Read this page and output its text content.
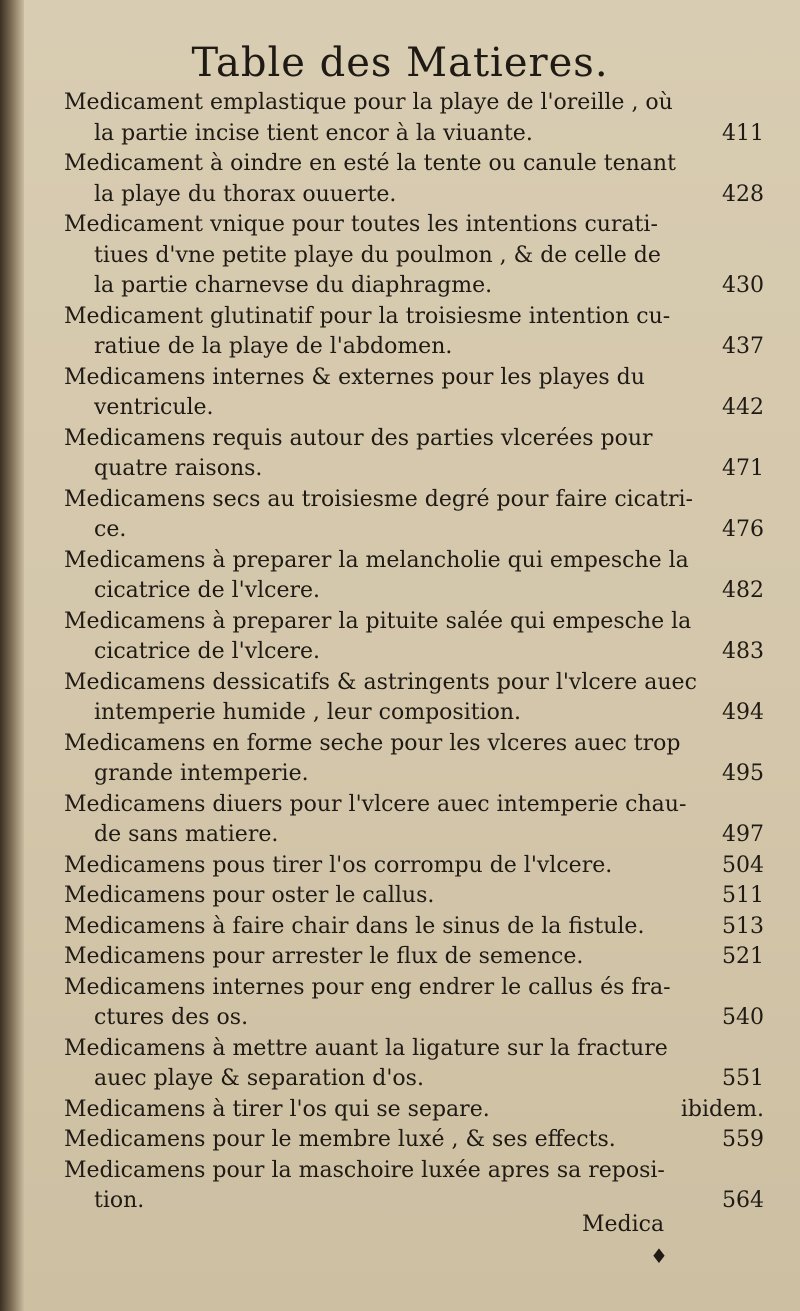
Table des Matieres.
Medicament emplastique pour la playe de l'oreille , où
la partie incise tient encor à la viuante.	411
Medicament à oindre en esté la tente ou canule tenant
la playe du thorax ouuerte.	428
Medicament vnique pour toutes les intentions curati-
tiues d'vne petite playe du poulmon , & de celle de
la partie charnevse du diaphragme.	430
Medicament glutinatif pour la troisiesme intention cu-
ratiue de la playe de l'abdomen.	437
Medicamens internes & externes pour les playes du
ventricule.	442
Medicamens requis autour des parties vlcerées pour
quatre raisons.	471
Medicamens secs au troisiesme degré pour faire cicatri-
ce.	476
Medicamens à preparer la melancholie qui empesche la
cicatrice de l'vlcere.	482
Medicamens à preparer la pituite salée qui empesche la
cicatrice de l'vlcere.	483
Medicamens dessicatifs & astringents pour l'vlcere auec
intemperie humide , leur composition.	494
Medicamens en forme seche pour les vlceres auec trop
grande intemperie.	495
Medicamens diuers pour l'vlcere auec intemperie chau-
de sans matiere.	497
Medicamens pous tirer l'os corrompu de l'vlcere.	504
Medicamens pour oster le callus.	511
Medicamens à faire chair dans le sinus de la fistule.	513
Medicamens pour arrester le flux de semence.	521
Medicamens internes pour eng endrer le callus és fra-
ctures des os.	540
Medicamens à mettre auant la ligature sur la fracture
auec playe & separation d'os.	551
Medicamens à tirer l'os qui se separe.	ibidem.
Medicamens pour le membre luxé , & ses effects.	559
Medicamens pour la maschoire luxée apres sa reposi-
tion.	564
Medica
♦
